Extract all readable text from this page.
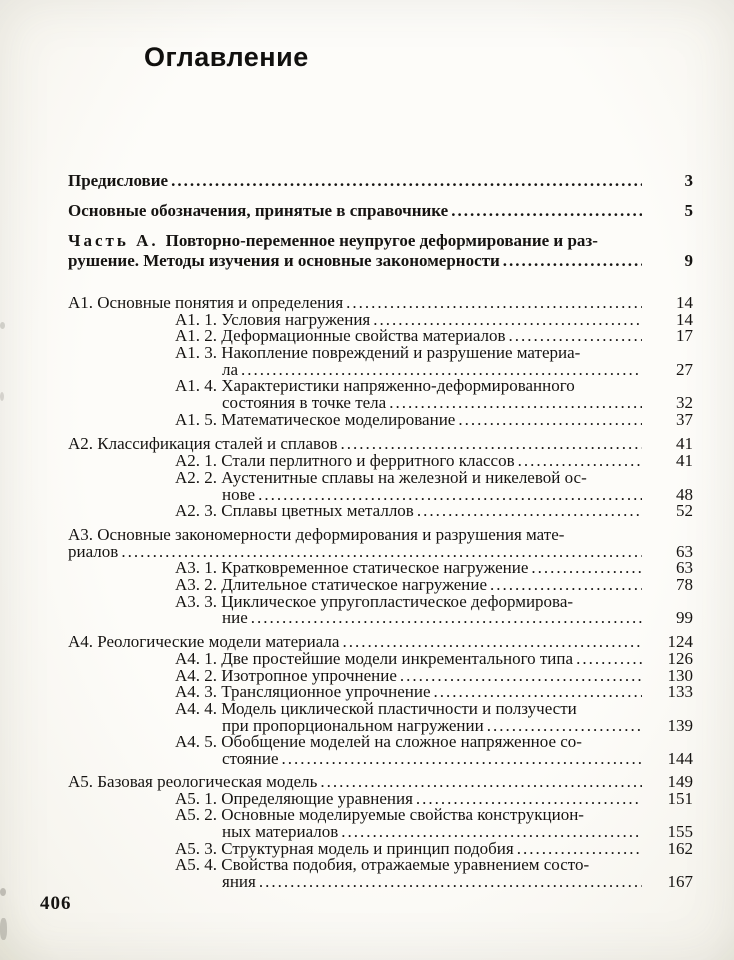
Оглавление
Предисловие .....	3
Основные обозначения, принятые в справочнике .....	5
Часть А. Повторно-переменное неупругое деформирование и раз-
рушение. Методы изучения и основные закономерности .....	9
А1. Основные понятия и определения .....	14
А1. 1. Условия нагружения .....	14
А1. 2. Деформационные свойства материалов .....	17
А1. 3. Накопление повреждений и разрушение материа-
ла .....	27
А1. 4. Характеристики напряженно-деформированного
состояния в точке тела .....	32
А1. 5. Математическое моделирование .....	37
А2. Классификация сталей и сплавов .....	41
А2. 1. Стали перлитного и ферритного классов .....	41
А2. 2. Аустенитные сплавы на железной и никелевой ос-
нове .....	48
А2. 3. Сплавы цветных металлов .....	52
А3. Основные закономерности деформирования и разрушения мате-
риалов .....	63
А3. 1. Кратковременное статическое нагружение .....	63
А3. 2. Длительное статическое нагружение .....	78
А3. 3. Циклическое упругопластическое деформирова-
ние .....	99
А4. Реологические модели материала .....	124
А4. 1. Две простейшие модели инкрементального типа .....	126
А4. 2. Изотропное упрочнение .....	130
А4. 3. Трансляционное упрочнение .....	133
А4. 4. Модель циклической пластичности и ползучести
при пропорциональном нагружении .....	139
А4. 5. Обобщение моделей на сложное напряженное со-
стояние .....	144
А5. Базовая реологическая модель .....	149
А5. 1. Определяющие уравнения .....	151
А5. 2. Основные моделируемые свойства конструкцион-
ных материалов .....	155
А5. 3. Структурная модель и принцип подобия .....	162
А5. 4. Свойства подобия, отражаемые уравнением состо-
яния .....	167
406
